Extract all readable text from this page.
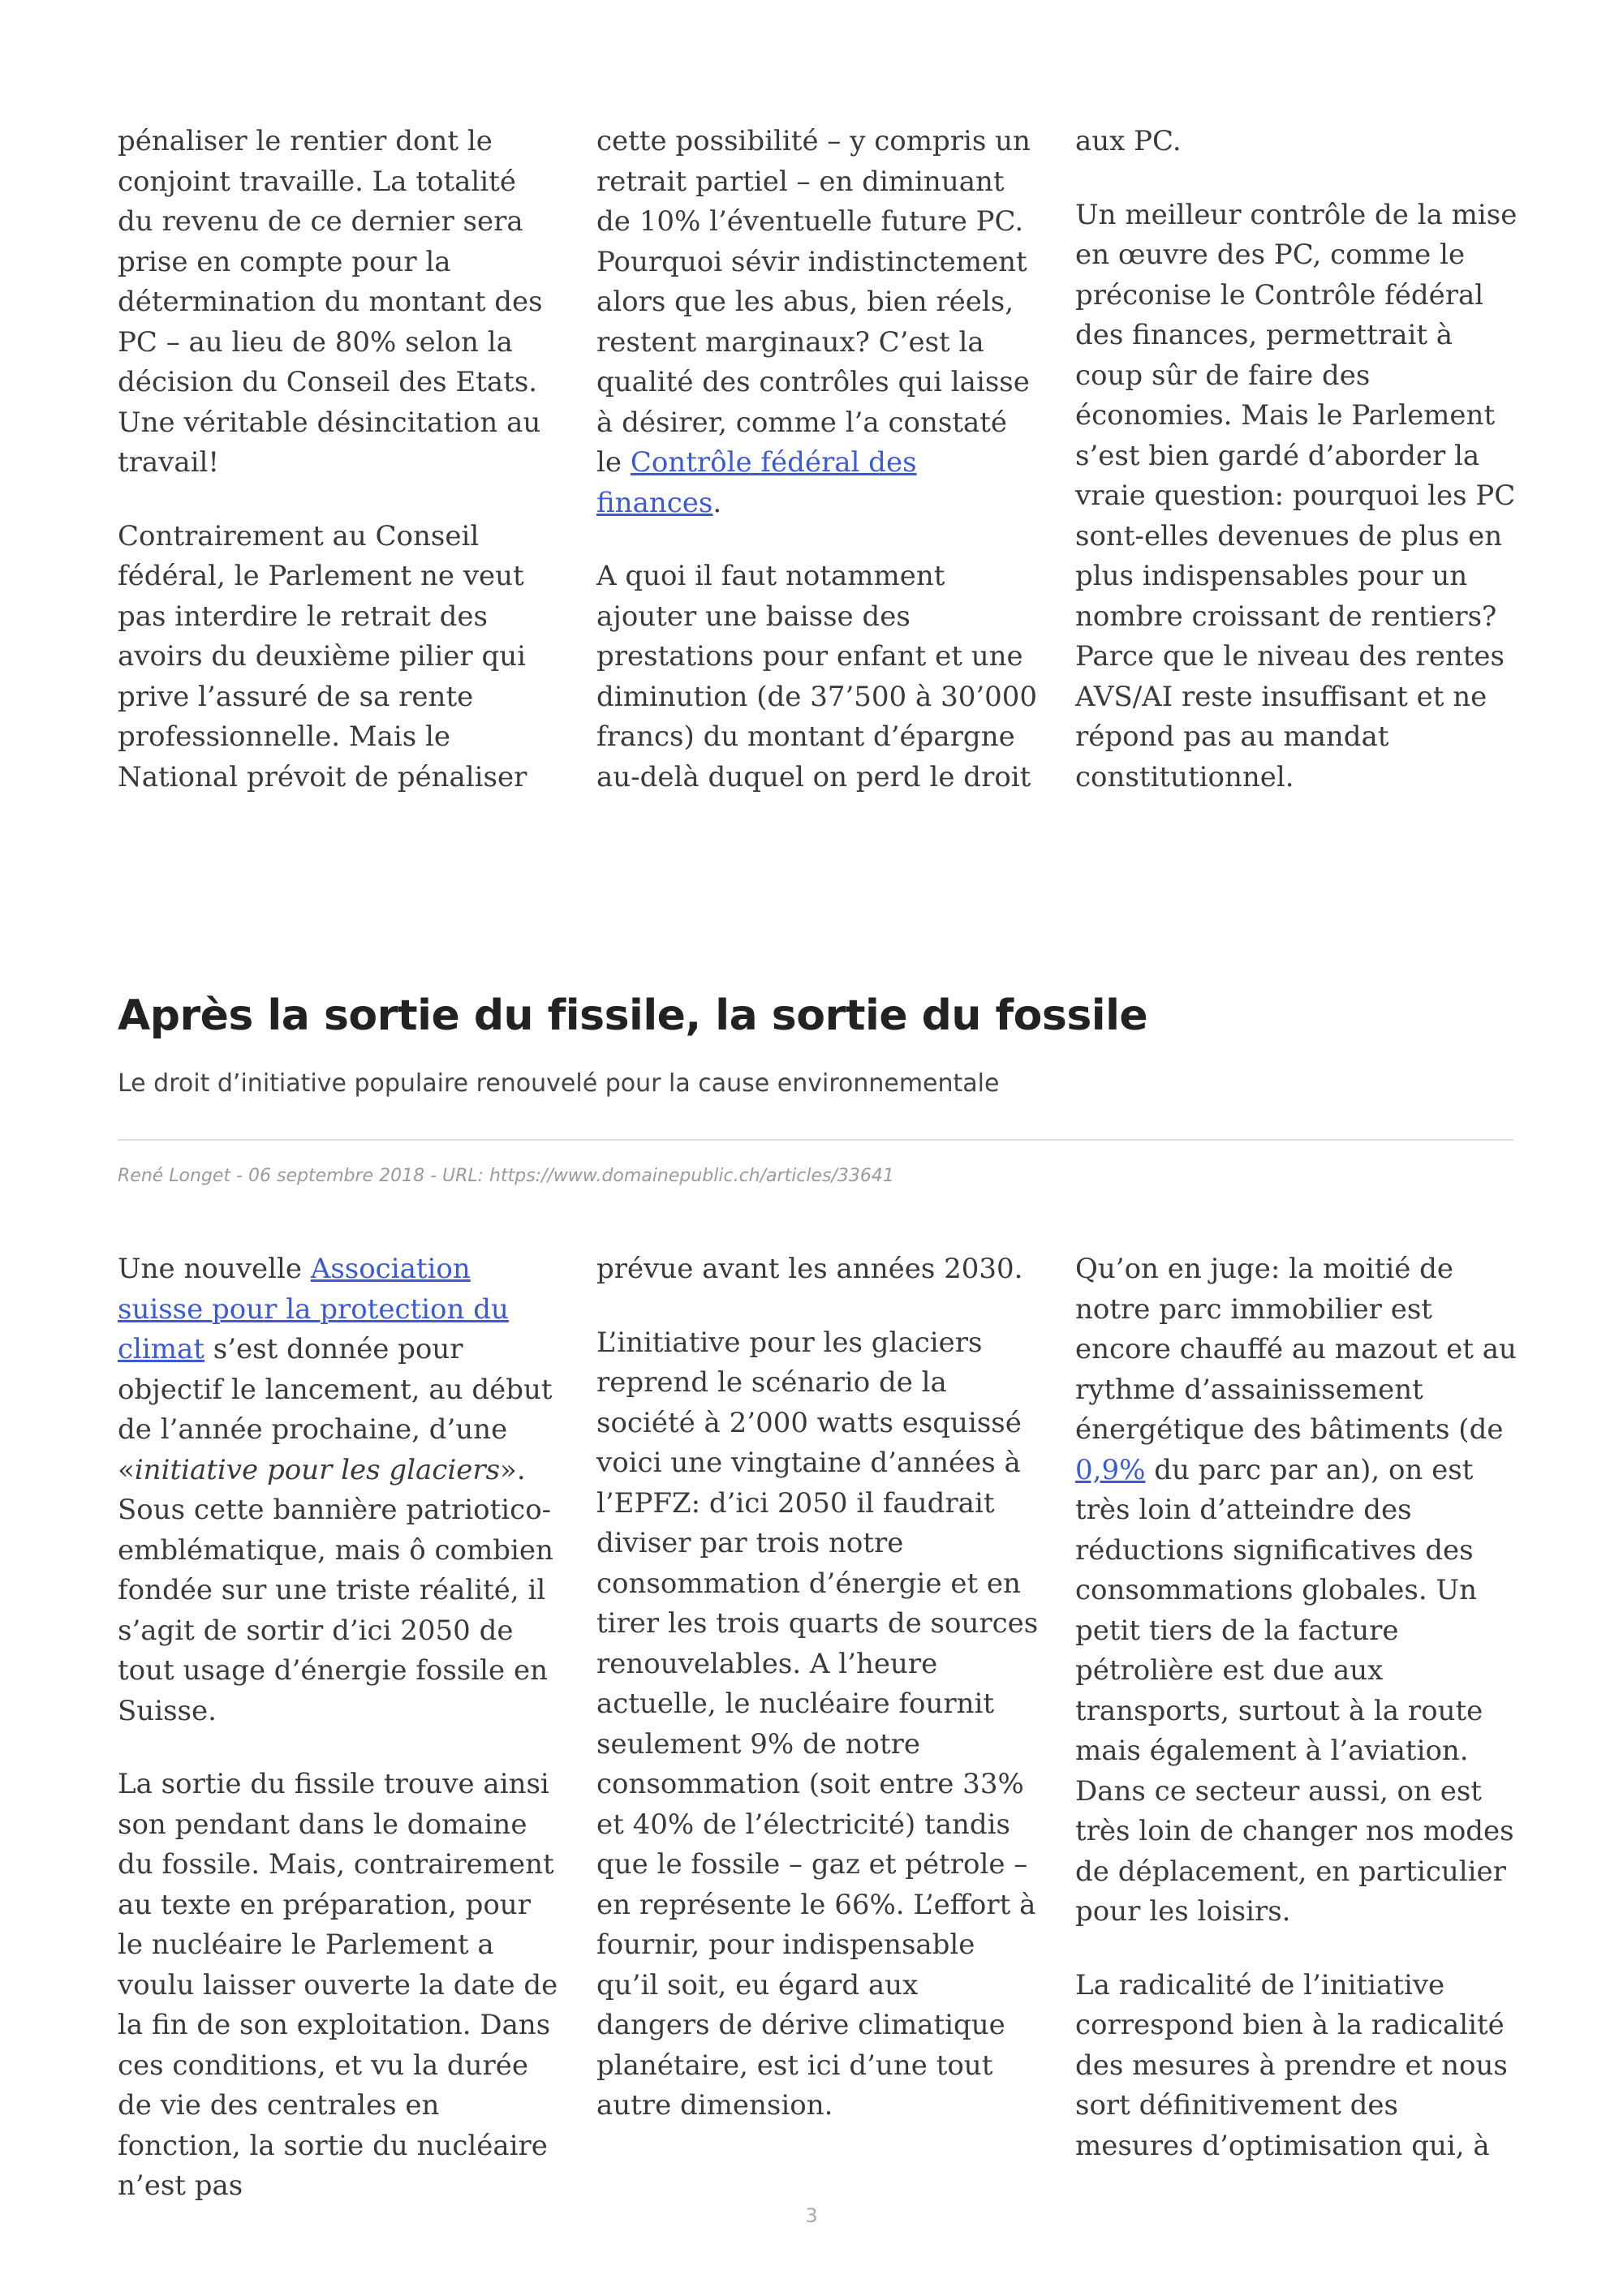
pénaliser le rentier dont le conjoint travaille. La totalité du revenu de ce dernier sera prise en compte pour la détermination du montant des PC – au lieu de 80% selon la décision du Conseil des Etats. Une véritable désincitation au travail!

Contrairement au Conseil fédéral, le Parlement ne veut pas interdire le retrait des avoirs du deuxième pilier qui prive l’assuré de sa rente professionnelle. Mais le National prévoit de pénaliser

cette possibilité – y compris un retrait partiel – en diminuant de 10% l’éventuelle future PC. Pourquoi sévir indistinctement alors que les abus, bien réels, restent marginaux? C’est la qualité des contrôles qui laisse à désirer, comme l’a constaté le Contrôle fédéral des finances.

A quoi il faut notamment ajouter une baisse des prestations pour enfant et une diminution (de 37’500 à 30’000 francs) du montant d’épargne au-delà duquel on perd le droit

aux PC.

Un meilleur contrôle de la mise en œuvre des PC, comme le préconise le Contrôle fédéral des finances, permettrait à coup sûr de faire des économies. Mais le Parlement s’est bien gardé d’aborder la vraie question: pourquoi les PC sont-elles devenues de plus en plus indispensables pour un nombre croissant de rentiers? Parce que le niveau des rentes AVS/AI reste insuffisant et ne répond pas au mandat constitutionnel.

Après la sortie du fissile, la sortie du fossile

Le droit d’initiative populaire renouvelé pour la cause environnementale

René Longet - 06 septembre 2018 - URL: https://www.domainepublic.ch/articles/33641

Une nouvelle Association suisse pour la protection du climat s’est donnée pour objectif le lancement, au début de l’année prochaine, d’une «initiative pour les glaciers». Sous cette bannière patriotico-emblématique, mais ô combien fondée sur une triste réalité, il s’agit de sortir d’ici 2050 de tout usage d’énergie fossile en Suisse.

La sortie du fissile trouve ainsi son pendant dans le domaine du fossile. Mais, contrairement au texte en préparation, pour le nucléaire le Parlement a voulu laisser ouverte la date de la fin de son exploitation. Dans ces conditions, et vu la durée de vie des centrales en fonction, la sortie du nucléaire n’est pas

prévue avant les années 2030.

L’initiative pour les glaciers reprend le scénario de la société à 2’000 watts esquissé voici une vingtaine d’années à l’EPFZ: d’ici 2050 il faudrait diviser par trois notre consommation d’énergie et en tirer les trois quarts de sources renouvelables. A l’heure actuelle, le nucléaire fournit seulement 9% de notre consommation (soit entre 33% et 40% de l’électricité) tandis que le fossile – gaz et pétrole – en représente le 66%. L’effort à fournir, pour indispensable qu’il soit, eu égard aux dangers de dérive climatique planétaire, est ici d’une tout autre dimension.

Qu’on en juge: la moitié de notre parc immobilier est encore chauffé au mazout et au rythme d’assainissement énergétique des bâtiments (de 0,9% du parc par an), on est très loin d’atteindre des réductions significatives des consommations globales. Un petit tiers de la facture pétrolière est due aux transports, surtout à la route mais également à l’aviation. Dans ce secteur aussi, on est très loin de changer nos modes de déplacement, en particulier pour les loisirs.

La radicalité de l’initiative correspond bien à la radicalité des mesures à prendre et nous sort définitivement des mesures d’optimisation qui, à

3
